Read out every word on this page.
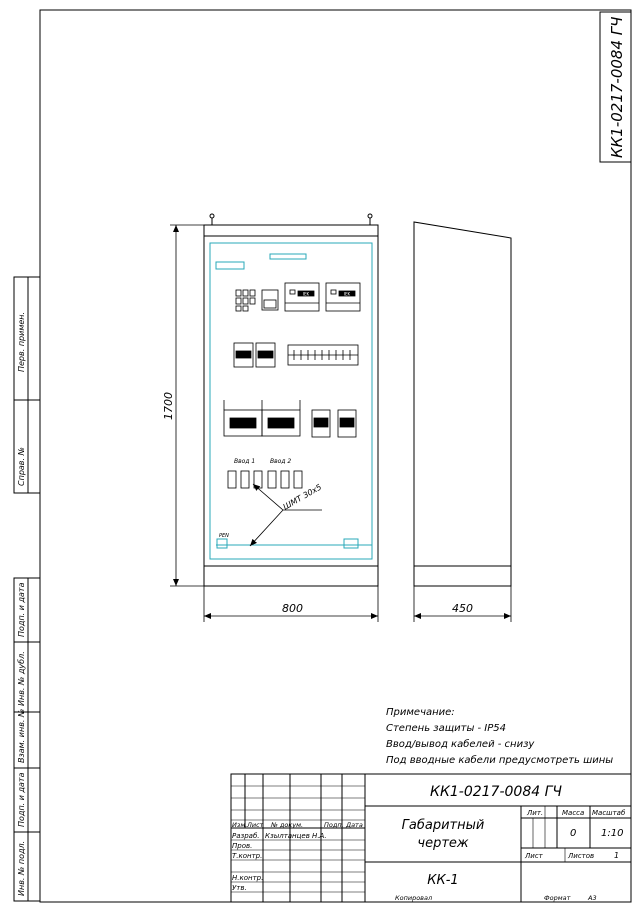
КК1-0217-0084 ГЧ
Перв. примен.
Справ. №
Подп. и дата
Инв. № дубл.
Взам. инв. №
Подп. и дата
Инв. № подл.
IEK	IEK
Ввод 1 Ввод 2
ШМТ 30х5
PEN
1700
800	450
Примечание:
Степень защиты - IP54
Ввод/вывод кабелей - снизу
Под вводные кабели предусмотреть шины
КК1-0217-0084 ГЧ
Изм. Лист № докум.	Подп. Дата
Разраб. Кзылтанцев Н.А.
Пров.
Т.контр.
Н.контр.
Утв.
Габаритный
чертеж
КК-1
Лит.	Масса Масштаб
0 1:10
Лист	Листов 1
Копировал	Формат	А3
